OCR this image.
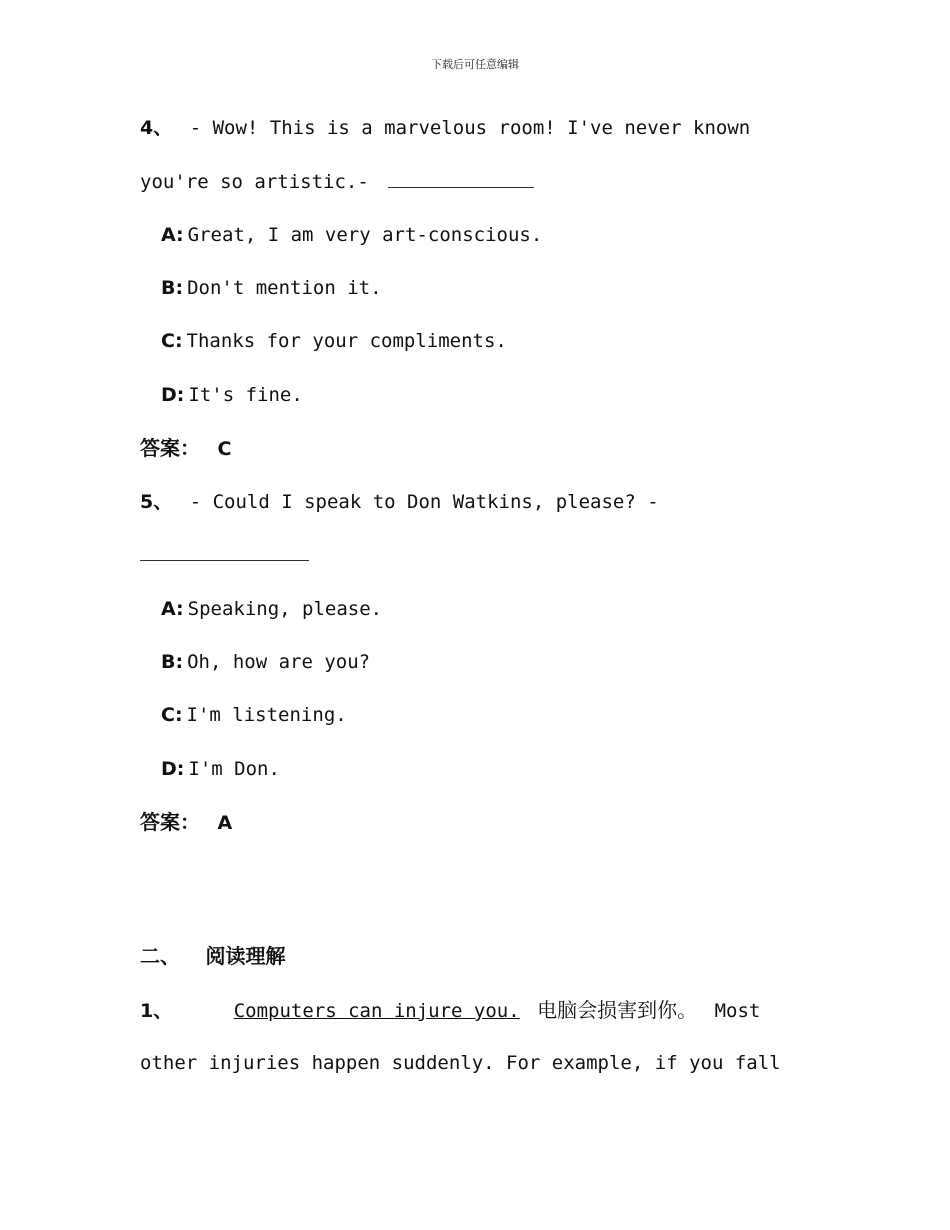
下载后可任意编辑
4、 - Wow! This is a marvelous room! I've never known
you're so artistic.-
A: Great, I am very art-conscious.
B: Don't mention it.
C: Thanks for your compliments.
D: It's fine.
答案： C
5、 - Could I speak to Don Watkins, please? -
A: Speaking, please.
B: Oh, how are you?
C: I'm listening.
D: I'm Don.
答案： A
二、 阅读理解
1、	Computers can injure you. 电脑会损害到你。 Most
other injuries happen suddenly. For example, if you fall
